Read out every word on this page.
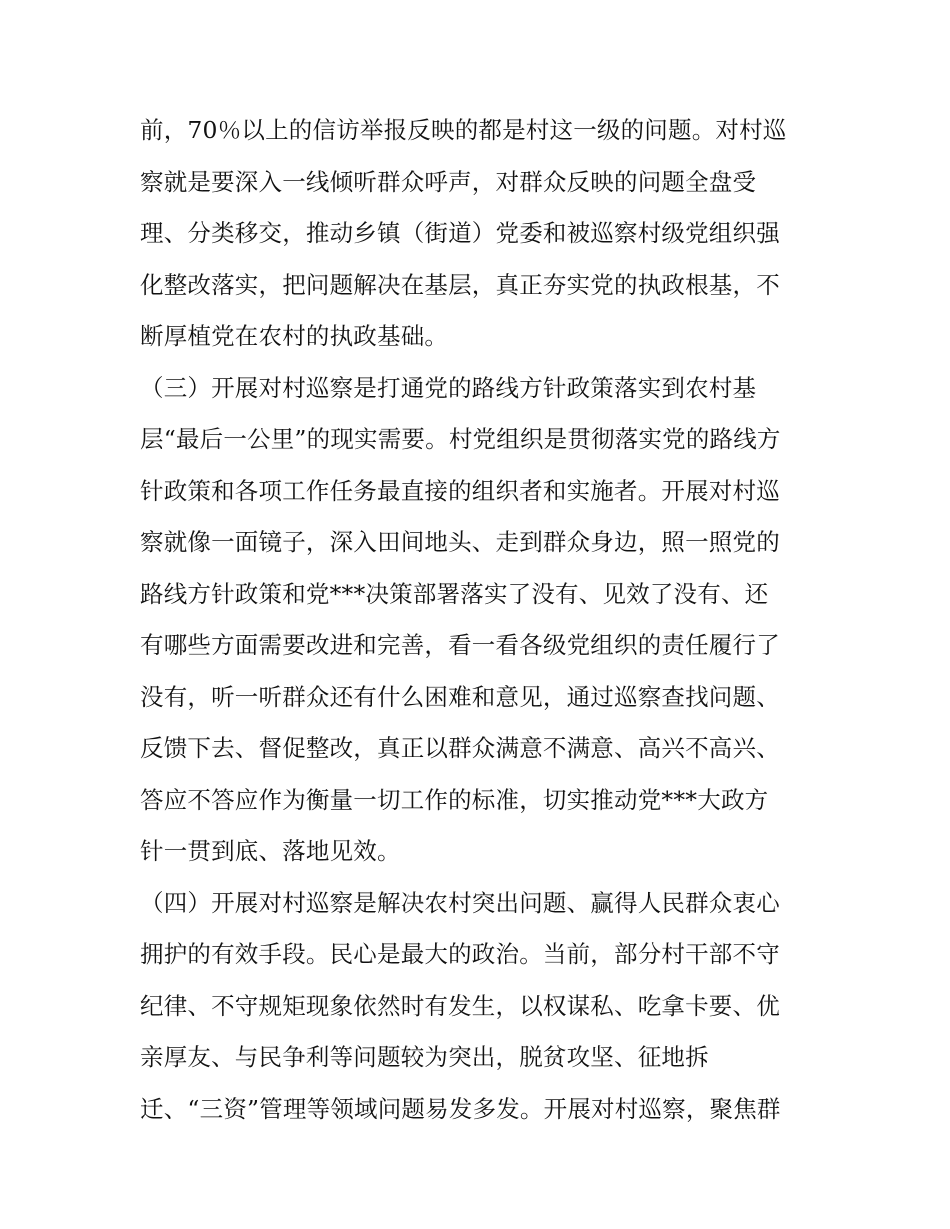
前，70％以上的信访举报反映的都是村这一级的问题。对村巡
察就是要深入一线倾听群众呼声，对群众反映的问题全盘受
理、分类移交，推动乡镇（街道）党委和被巡察村级党组织强
化整改落实，把问题解决在基层，真正夯实党的执政根基，不
断厚植党在农村的执政基础。
（三）开展对村巡察是打通党的路线方针政策落实到农村基
层“最后一公里”的现实需要。村党组织是贯彻落实党的路线方
针政策和各项工作任务最直接的组织者和实施者。开展对村巡
察就像一面镜子，深入田间地头、走到群众身边，照一照党的
路线方针政策和党***决策部署落实了没有、见效了没有、还
有哪些方面需要改进和完善，看一看各级党组织的责任履行了
没有，听一听群众还有什么困难和意见，通过巡察查找问题、
反馈下去、督促整改，真正以群众满意不满意、高兴不高兴、
答应不答应作为衡量一切工作的标准，切实推动党***大政方
针一贯到底、落地见效。
（四）开展对村巡察是解决农村突出问题、赢得人民群众衷心
拥护的有效手段。民心是最大的政治。当前，部分村干部不守
纪律、不守规矩现象依然时有发生，以权谋私、吃拿卡要、优
亲厚友、与民争利等问题较为突出，脱贫攻坚、征地拆
迁、“三资”管理等领域问题易发多发。开展对村巡察，聚焦群
